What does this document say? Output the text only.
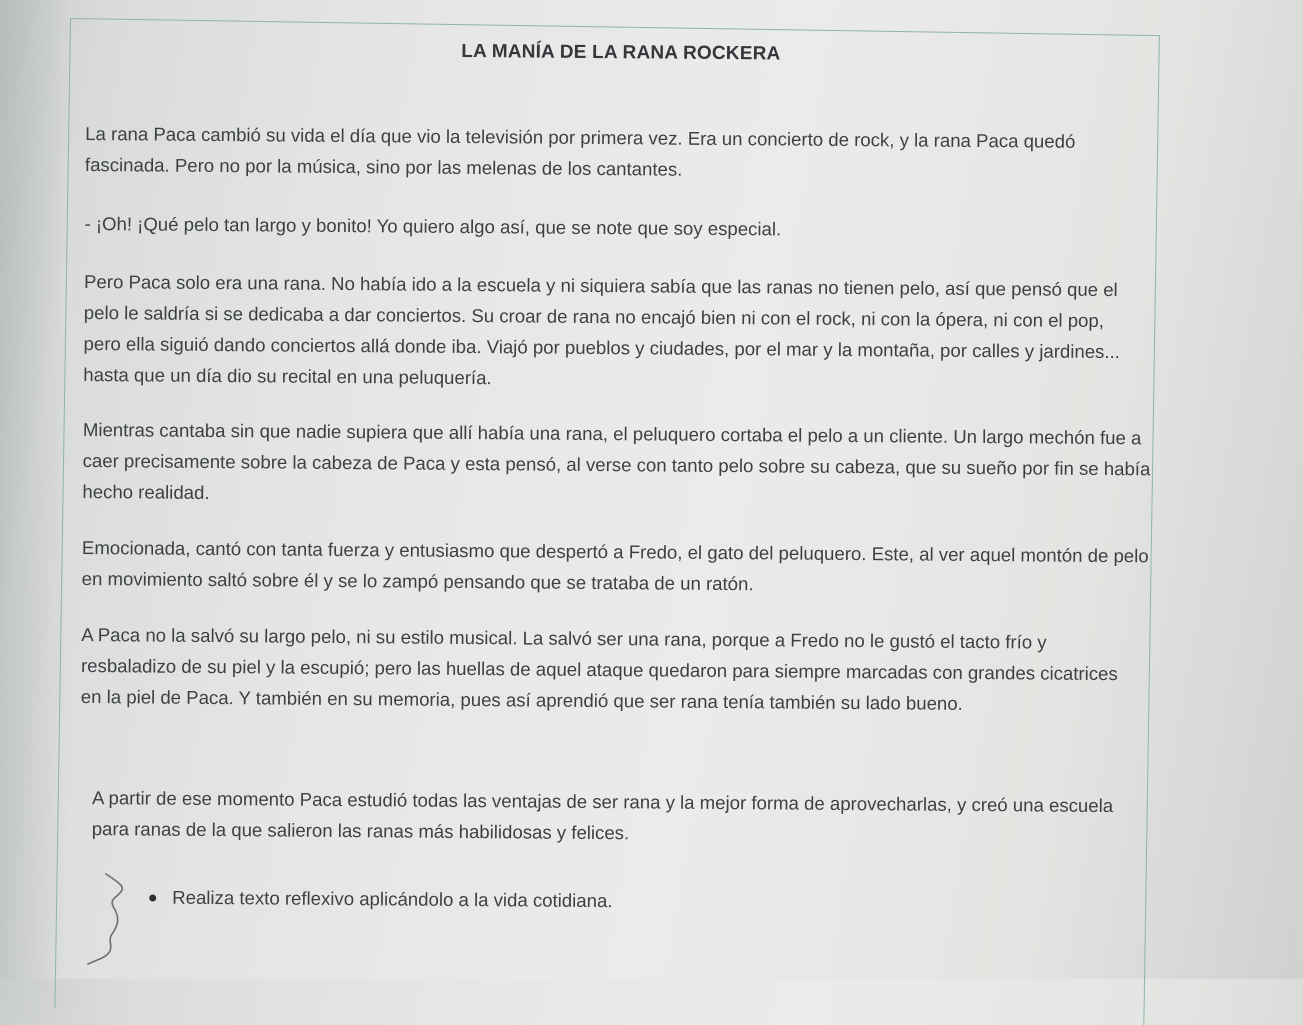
LA MANÍA DE LA RANA ROCKERA

La rana Paca cambió su vida el día que vio la televisión por primera vez. Era un concierto de rock, y la rana Paca quedó fascinada. Pero no por la música, sino por las melenas de los cantantes.

- ¡Oh! ¡Qué pelo tan largo y bonito! Yo quiero algo así, que se note que soy especial.

Pero Paca solo era una rana. No había ido a la escuela y ni siquiera sabía que las ranas no tienen pelo, así que pensó que el pelo le saldría si se dedicaba a dar conciertos. Su croar de rana no encajó bien ni con el rock, ni con la ópera, ni con el pop, pero ella siguió dando conciertos allá donde iba. Viajó por pueblos y ciudades, por el mar y la montaña, por calles y jardines... hasta que un día dio su recital en una peluquería.

Mientras cantaba sin que nadie supiera que allí había una rana, el peluquero cortaba el pelo a un cliente. Un largo mechón fue a caer precisamente sobre la cabeza de Paca y esta pensó, al verse con tanto pelo sobre su cabeza, que su sueño por fin se había hecho realidad.

Emocionada, cantó con tanta fuerza y entusiasmo que despertó a Fredo, el gato del peluquero. Este, al ver aquel montón de pelo en movimiento saltó sobre él y se lo zampó pensando que se trataba de un ratón.

A Paca no la salvó su largo pelo, ni su estilo musical. La salvó ser una rana, porque a Fredo no le gustó el tacto frío y resbaladizo de su piel y la escupió; pero las huellas de aquel ataque quedaron para siempre marcadas con grandes cicatrices en la piel de Paca. Y también en su memoria, pues así aprendió que ser rana tenía también su lado bueno.

A partir de ese momento Paca estudió todas las ventajas de ser rana y la mejor forma de aprovecharlas, y creó una escuela para ranas de la que salieron las ranas más habilidosas y felices.

Realiza texto reflexivo aplicándolo a la vida cotidiana.
